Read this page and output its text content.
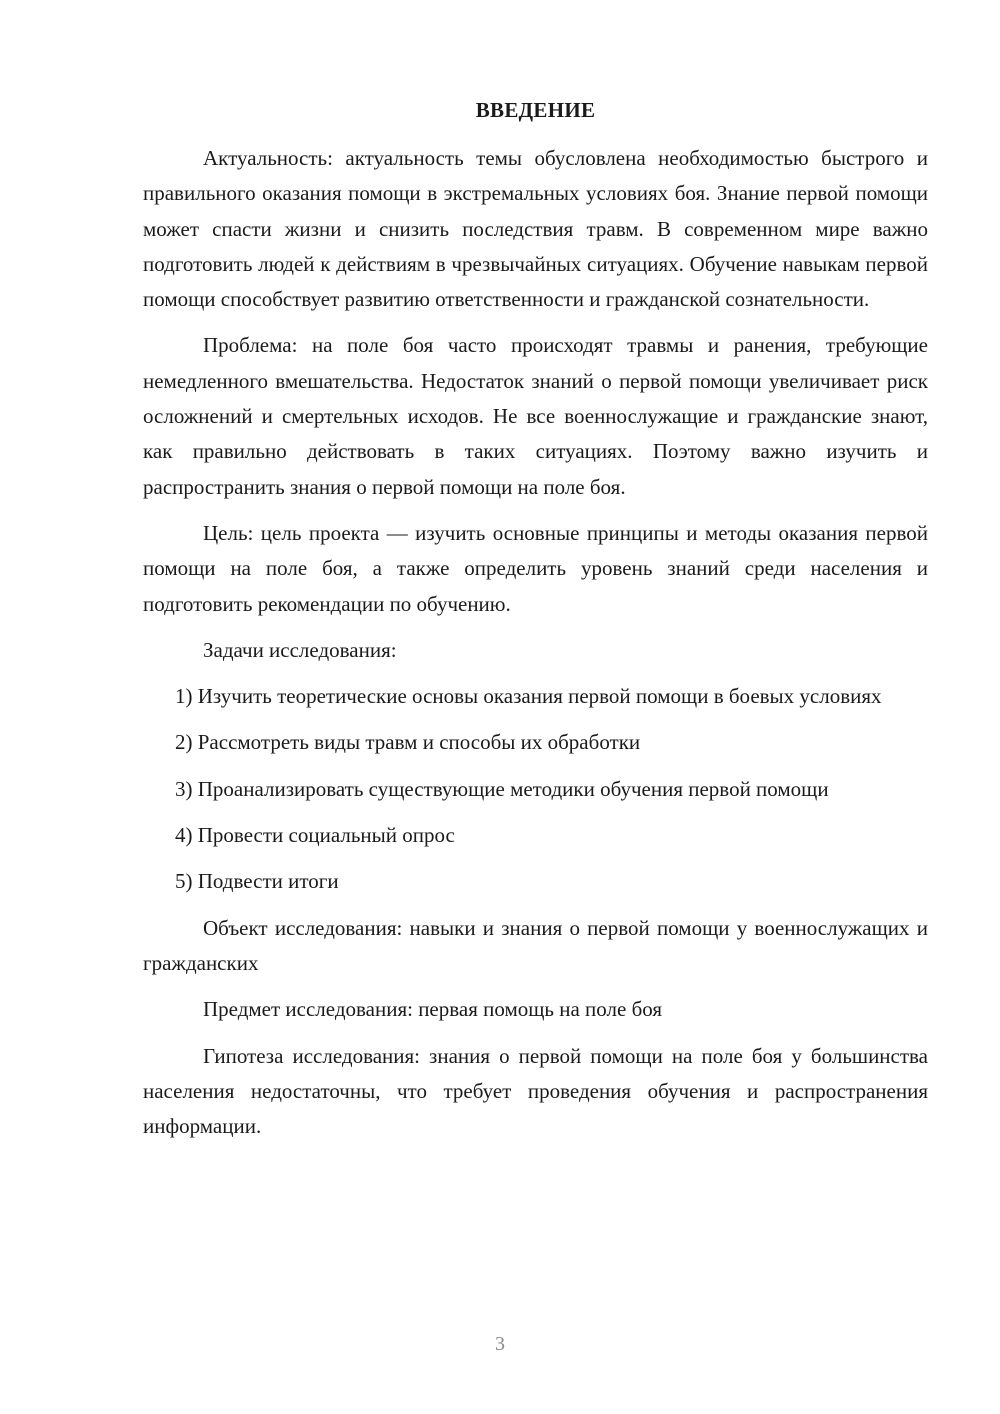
ВВЕДЕНИЕ

Актуальность: актуальность темы обусловлена необходимостью быстрого и правильного оказания помощи в экстремальных условиях боя. Знание первой помощи может спасти жизни и снизить последствия травм. В современном мире важно подготовить людей к действиям в чрезвычайных ситуациях. Обучение навыкам первой помощи способствует развитию ответственности и гражданской сознательности.

Проблема: на поле боя часто происходят травмы и ранения, требующие немедленного вмешательства. Недостаток знаний о первой помощи увеличивает риск осложнений и смертельных исходов. Не все военнослужащие и гражданские знают, как правильно действовать в таких ситуациях. Поэтому важно изучить и распространить знания о первой помощи на поле боя.

Цель: цель проекта — изучить основные принципы и методы оказания первой помощи на поле боя, а также определить уровень знаний среди населения и подготовить рекомендации по обучению.

Задачи исследования:

1) Изучить теоретические основы оказания первой помощи в боевых условиях

2) Рассмотреть виды травм и способы их обработки

3) Проанализировать существующие методики обучения первой помощи

4) Провести социальный опрос

5) Подвести итоги

Объект исследования: навыки и знания о первой помощи у военнослужащих и гражданских

Предмет исследования: первая помощь на поле боя

Гипотеза исследования: знания о первой помощи на поле боя у большинства населения недостаточны, что требует проведения обучения и распространения информации.

3
